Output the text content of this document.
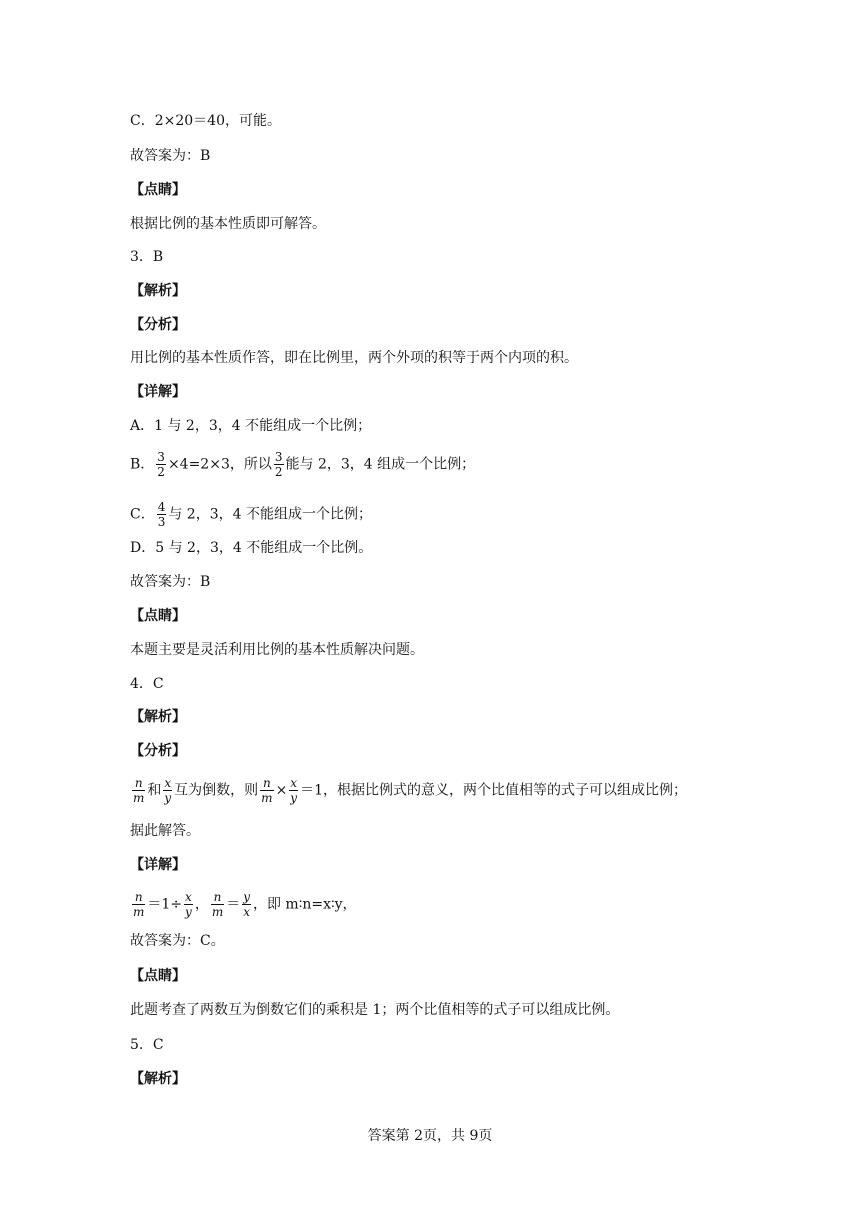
C．2×20＝40，可能。
故答案为：B
【点睛】
根据比例的基本性质即可解答。
3．B
【解析】
【分析】
用比例的基本性质作答，即在比例里，两个外项的积等于两个内项的积。
【详解】
A．1 与 2，3，4 不能组成一个比例；
B． $\frac{3}{2} \times 4=2\times 3$，所以 $\frac{3}{2}$ 能与 2，3，4 组成一个比例；
C． $\frac{4}{3}$ 与 2，3，4 不能组成一个比例；
D．5 与 2，3，4 不能组成一个比例。
故答案为：B
【点睛】
本题主要是灵活利用比例的基本性质解决问题。
4．C
【解析】
【分析】
$\frac{n}{m}$ 和 $\frac{x}{y}$ 互为倒数，则 $\frac{n}{m} \times \frac{x}{y} =1$，根据比例式的意义，两个比值相等的式子可以组成比例；
据此解答。
【详解】
$\frac{n}{m} =1\div \frac{x}{y}$ ， $\frac{n}{m} = \frac{y}{x}$ ，即 m∶n=x∶y，
故答案为：C。
【点睛】
此题考查了两数互为倒数它们的乘积是 1；两个比值相等的式子可以组成比例。
5．C
【解析】
答案第 2页，共 9页
